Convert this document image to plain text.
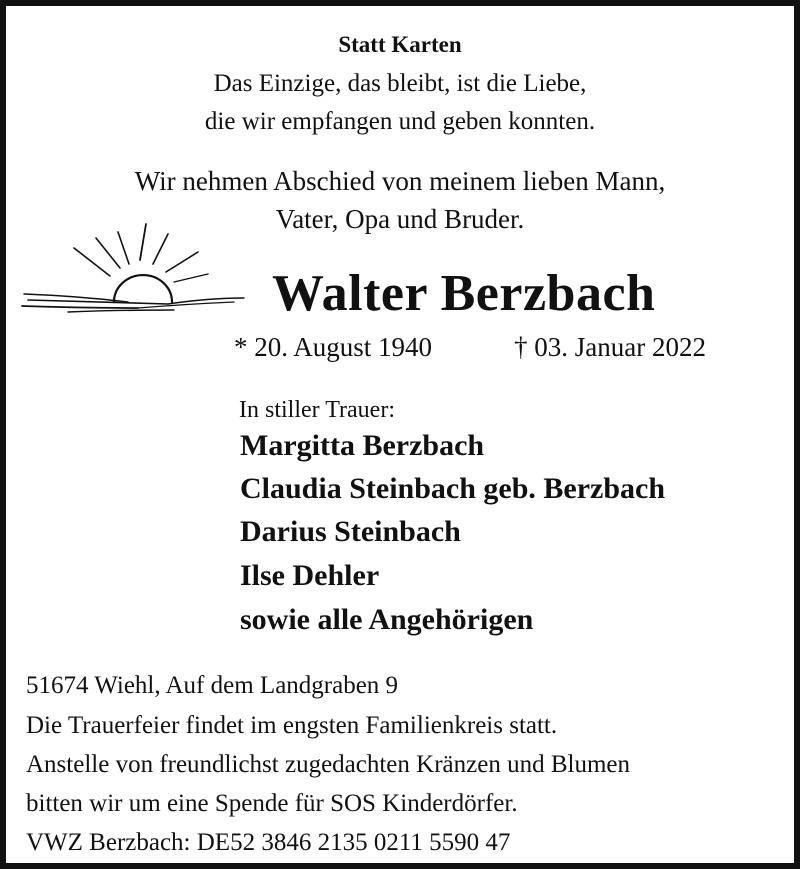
Statt Karten
Das Einzige, das bleibt, ist die Liebe,
die wir empfangen und geben konnten.
Wir nehmen Abschied von meinem lieben Mann,
Vater, Opa und Bruder.
Walter Berzbach
* 20. August 1940	† 03. Januar 2022
In stiller Trauer:
Margitta Berzbach
Claudia Steinbach geb. Berzbach
Darius Steinbach
Ilse Dehler
sowie alle Angehörigen
51674 Wiehl, Auf dem Landgraben 9
Die Trauerfeier findet im engsten Familienkreis statt.
Anstelle von freundlichst zugedachten Kränzen und Blumen
bitten wir um eine Spende für SOS Kinderdörfer.
VWZ Berzbach: DE52 3846 2135 0211 5590 47
